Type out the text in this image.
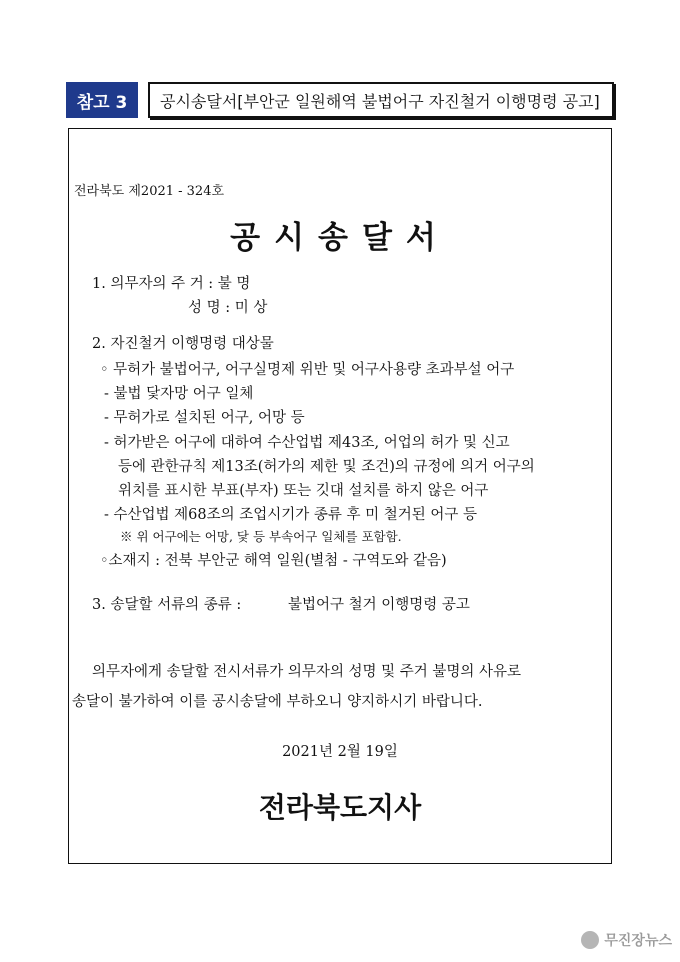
참고 3	공시송달서[부안군 일원해역 불법어구 자진철거 이행명령 공고]
전라북도 제2021 - 324호
공시송달서
1. 의무자의 주 거 : 불 명
성 명 : 미 상
2. 자진철거 이행명령 대상물
◦ 무허가 불법어구, 어구실명제 위반 및 어구사용량 초과부설 어구
- 불법 닻자망 어구 일체
- 무허가로 설치된 어구, 어망 등
- 허가받은 어구에 대하여 수산업법 제43조, 어업의 허가 및 신고
등에 관한규칙 제13조(허가의 제한 및 조건)의 규정에 의거 어구의
위치를 표시한 부표(부자) 또는 깃대 설치를 하지 않은 어구
- 수산업법 제68조의 조업시기가 종류 후 미 철거된 어구 등
※ 위 어구에는 어망, 닻 등 부속어구 일체를 포함함.
◦소재지 : 전북 부안군 해역 일원(별첨 - 구역도와 같음)
3. 송달할 서류의 종류 :	불법어구 철거 이행명령 공고
의무자에게 송달할 전시서류가 의무자의 성명 및 주거 불명의 사유로
송달이 불가하여 이를 공시송달에 부하오니 양지하시기 바랍니다.
2021년 2월 19일
전라북도지사
무진장뉴스
